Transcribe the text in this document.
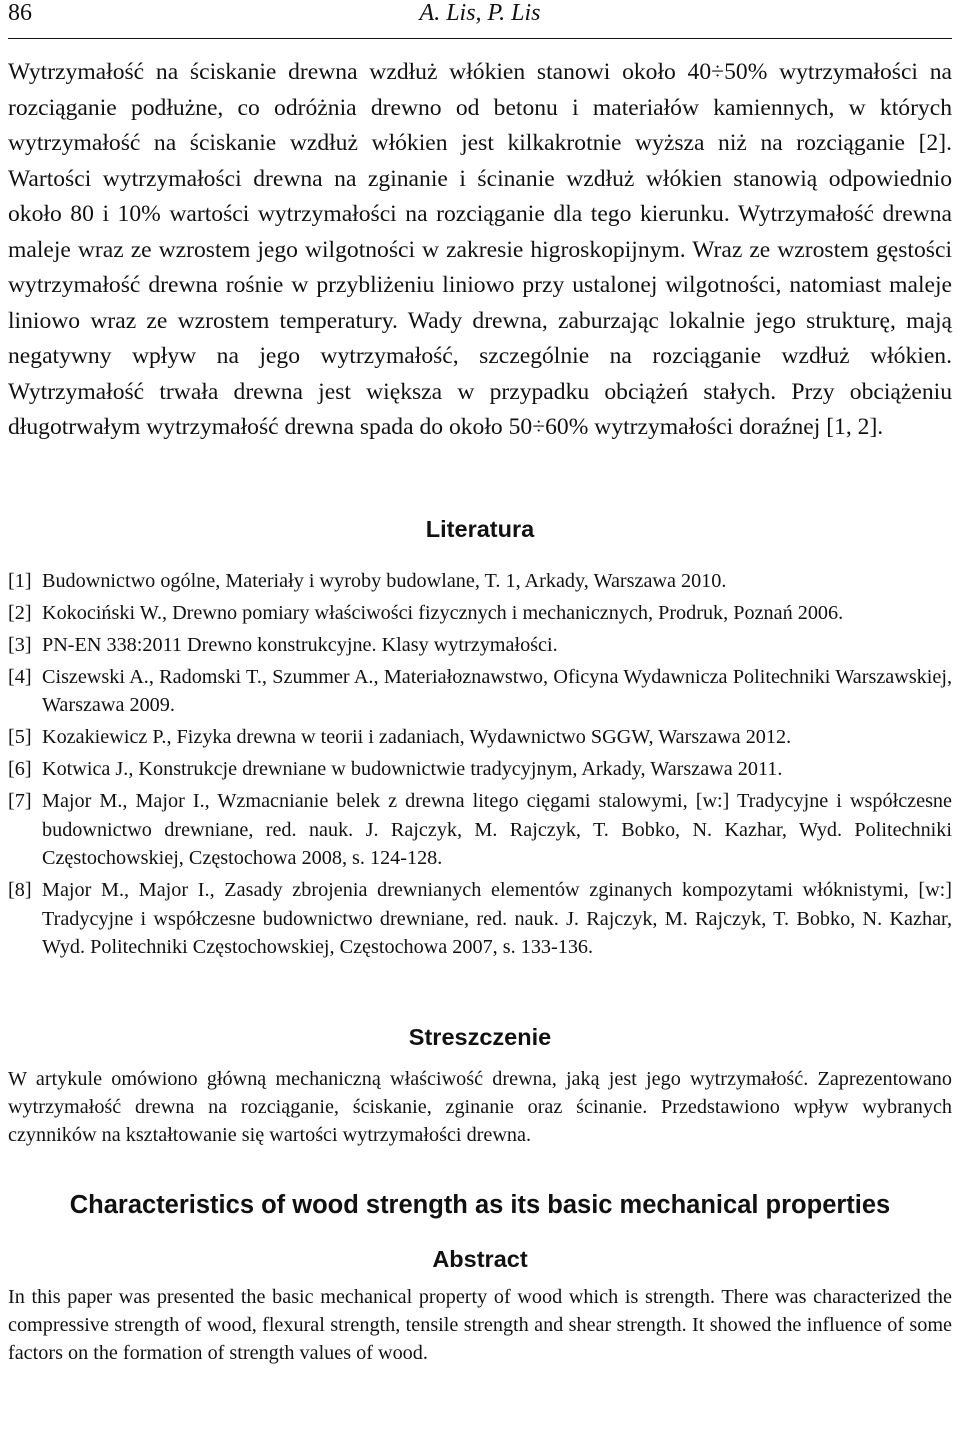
86	A. Lis, P. Lis

Wytrzymałość na ściskanie drewna wzdłuż włókien stanowi około 40÷50% wytrzymałości na rozciąganie podłużne, co odróżnia drewno od betonu i materiałów kamiennych, w których wytrzymałość na ściskanie wzdłuż włókien jest kilkakrotnie wyższa niż na rozciąganie [2]. Wartości wytrzymałości drewna na zginanie i ścinanie wzdłuż włókien stanowią odpowiednio około 80 i 10% wartości wytrzymałości na rozciąganie dla tego kierunku. Wytrzymałość drewna maleje wraz ze wzrostem jego wilgotności w zakresie higroskopijnym. Wraz ze wzrostem gęstości wytrzymałość drewna rośnie w przybliżeniu liniowo przy ustalonej wilgotności, natomiast maleje liniowo wraz ze wzrostem temperatury. Wady drewna, zaburzając lokalnie jego strukturę, mają negatywny wpływ na jego wytrzymałość, szczególnie na rozciąganie wzdłuż włókien. Wytrzymałość trwała drewna jest większa w przypadku obciążeń stałych. Przy obciążeniu długotrwałym wytrzymałość drewna spada do około 50÷60% wytrzymałości doraźnej [1, 2].

Literatura
[1] Budownictwo ogólne, Materiały i wyroby budowlane, T. 1, Arkady, Warszawa 2010.
[2] Kokociński W., Drewno pomiary właściwości fizycznych i mechanicznych, Prodruk, Poznań 2006.
[3] PN-EN 338:2011 Drewno konstrukcyjne. Klasy wytrzymałości.
[4] Ciszewski A., Radomski T., Szummer A., Materiałoznawstwo, Oficyna Wydawnicza Politechniki Warszawskiej, Warszawa 2009.
[5] Kozakiewicz P., Fizyka drewna w teorii i zadaniach, Wydawnictwo SGGW, Warszawa 2012.
[6] Kotwica J., Konstrukcje drewniane w budownictwie tradycyjnym, Arkady, Warszawa 2011.
[7] Major M., Major I., Wzmacnianie belek z drewna litego cięgami stalowymi, [w:] Tradycyjne i współczesne budownictwo drewniane, red. nauk. J. Rajczyk, M. Rajczyk, T. Bobko, N. Kazhar, Wyd. Politechniki Częstochowskiej, Częstochowa 2008, s. 124-128.
[8] Major M., Major I., Zasady zbrojenia drewnianych elementów zginanych kompozytami włóknistymi, [w:] Tradycyjne i współczesne budownictwo drewniane, red. nauk. J. Rajczyk, M. Rajczyk, T. Bobko, N. Kazhar, Wyd. Politechniki Częstochowskiej, Częstochowa 2007, s. 133-136.
Streszczenie

W artykule omówiono główną mechaniczną właściwość drewna, jaką jest jego wytrzymałość. Zaprezentowano wytrzymałość drewna na rozciąganie, ściskanie, zginanie oraz ścinanie. Przedstawiono wpływ wybranych czynników na kształtowanie się wartości wytrzymałości drewna.

Characteristics of wood strength as its basic mechanical properties
Abstract

In this paper was presented the basic mechanical property of wood which is strength. There was characterized the compressive strength of wood, flexural strength, tensile strength and shear strength. It showed the influence of some factors on the formation of strength values of wood.
